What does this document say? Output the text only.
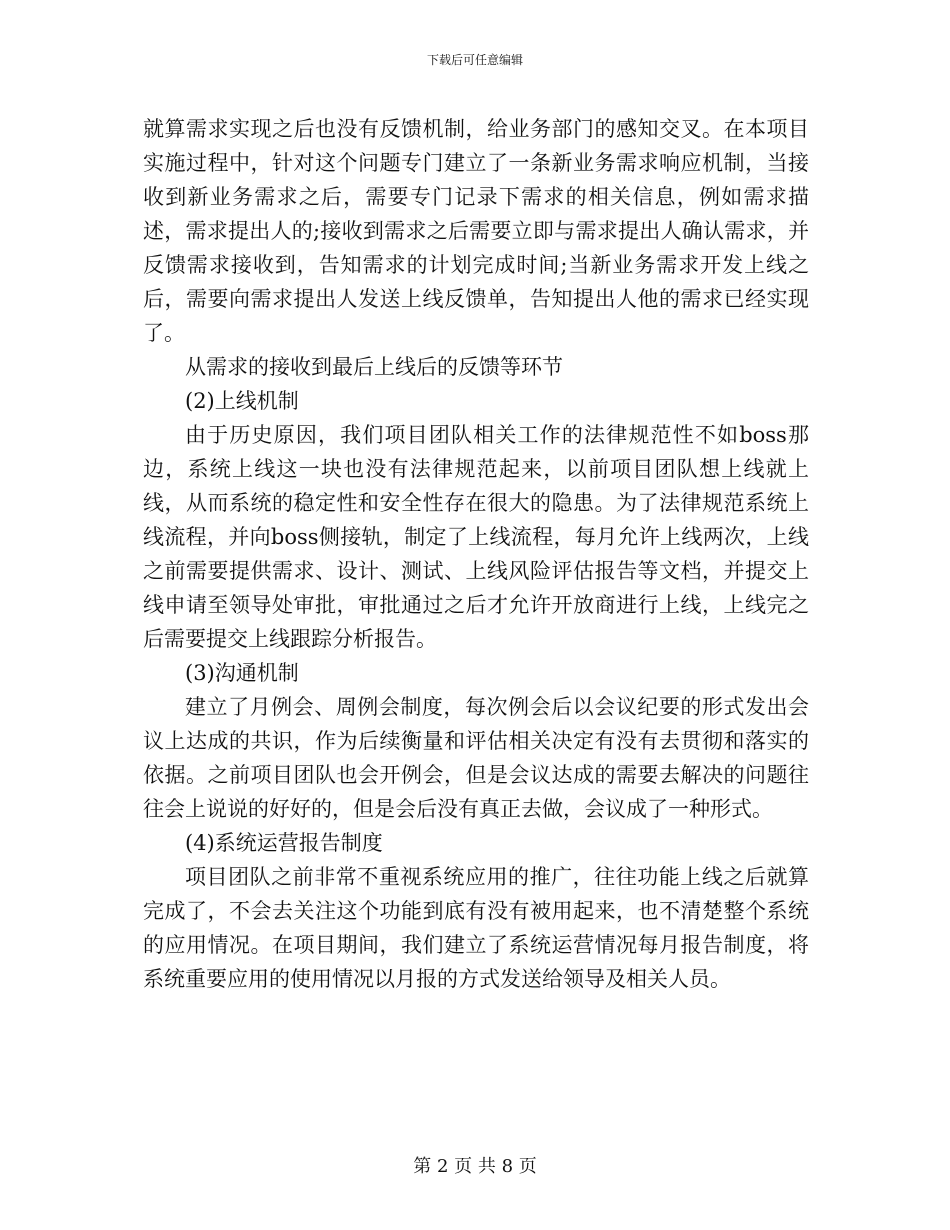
下载后可任意编辑

就算需求实现之后也没有反馈机制，给业务部门的感知交叉。在本项目实施过程中，针对这个问题专门建立了一条新业务需求响应机制，当接收到新业务需求之后，需要专门记录下需求的相关信息，例如需求描述，需求提出人的;接收到需求之后需要立即与需求提出人确认需求，并反馈需求接收到，告知需求的计划完成时间;当新业务需求开发上线之后，需要向需求提出人发送上线反馈单，告知提出人他的需求已经实现了。

从需求的接收到最后上线后的反馈等环节

(2)上线机制

由于历史原因，我们项目团队相关工作的法律规范性不如boss那边，系统上线这一块也没有法律规范起来，以前项目团队想上线就上线，从而系统的稳定性和安全性存在很大的隐患。为了法律规范系统上线流程，并向boss侧接轨，制定了上线流程，每月允许上线两次，上线之前需要提供需求、设计、测试、上线风险评估报告等文档，并提交上线申请至领导处审批，审批通过之后才允许开放商进行上线，上线完之后需要提交上线跟踪分析报告。

(3)沟通机制

建立了月例会、周例会制度，每次例会后以会议纪要的形式发出会议上达成的共识，作为后续衡量和评估相关决定有没有去贯彻和落实的依据。之前项目团队也会开例会，但是会议达成的需要去解决的问题往往会上说说的好好的，但是会后没有真正去做，会议成了一种形式。

(4)系统运营报告制度

项目团队之前非常不重视系统应用的推广，往往功能上线之后就算完成了，不会去关注这个功能到底有没有被用起来，也不清楚整个系统的应用情况。在项目期间，我们建立了系统运营情况每月报告制度，将系统重要应用的使用情况以月报的方式发送给领导及相关人员。

第 2 页 共 8 页
